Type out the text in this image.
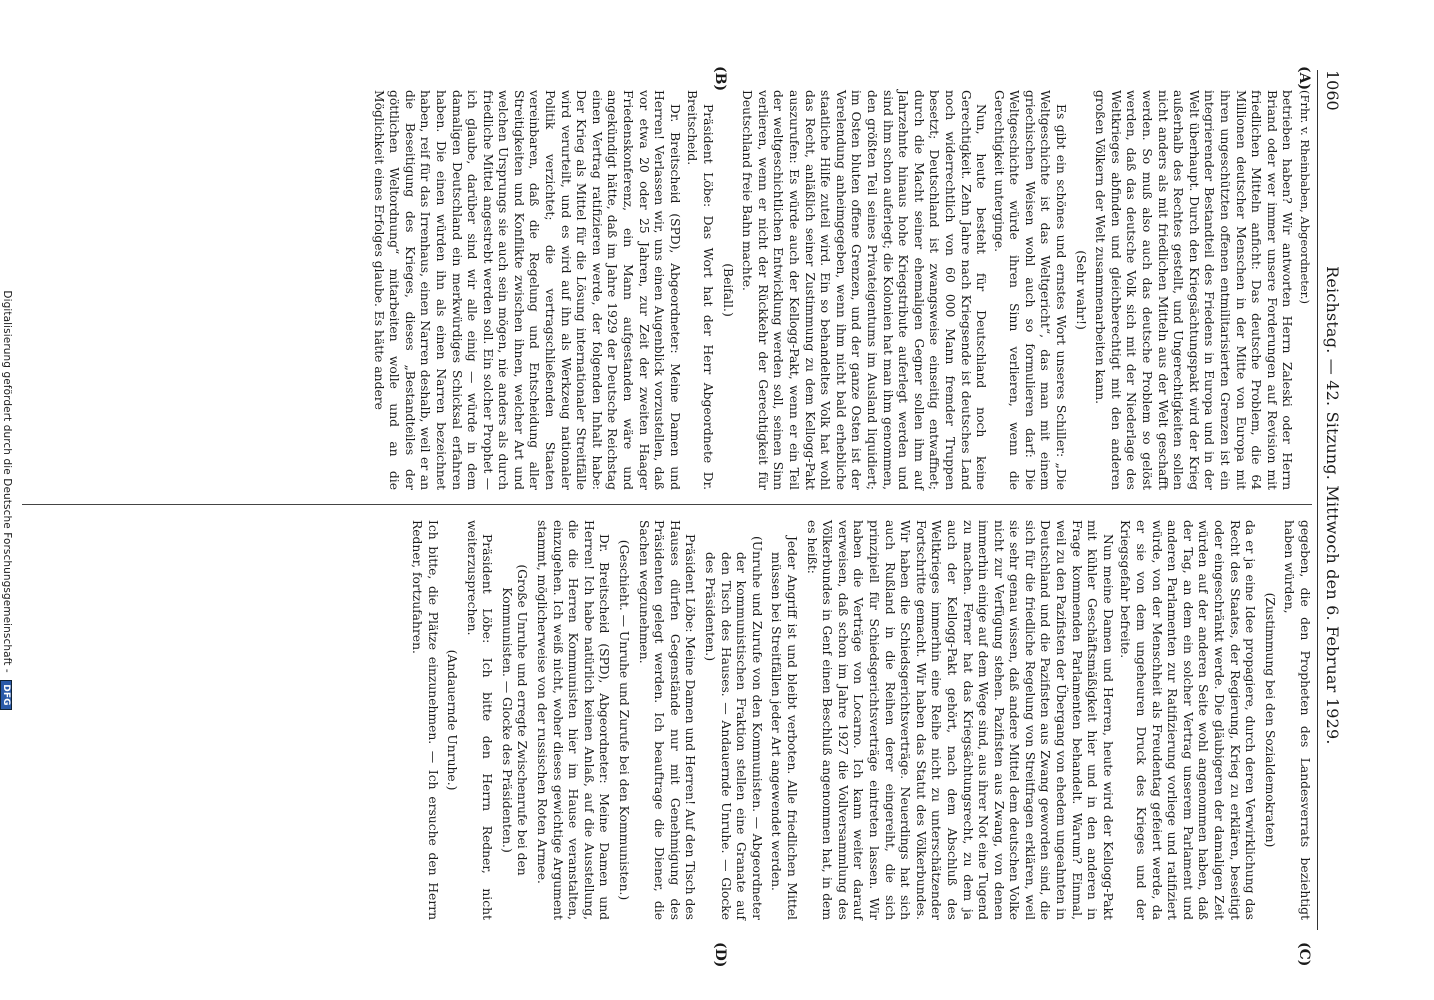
1060
Reichstag. — 42. Sitzung. Mittwoch den 6. Februar 1929.
(A)
(B)
(C)
(D)

(Frhr. v. Rheinbaben, Abgeordneter.)

betrieben haben? Wir antworten Herrn Zaleski oder Herrn Briand oder wer immer unsere Forderungen auf Revision mit friedlichen Mitteln anficht: Das deutsche Problem, die 64 Millionen deutscher Menschen in der Mitte von Europa mit ihren ungeschützten offenen entmilitarisierten Grenzen ist ein integrierender Bestandteil des Friedens in Europa und in der Welt überhaupt. Durch den Kriegsächtungspakt wird der Krieg außerhalb des Rechtes gestellt, und Ungerechtigkeiten sollen nicht anders als mit friedlichen Mitteln aus der Welt geschafft werden. So muß also auch das deutsche Problem so gelöst werden, daß das deutsche Volk sich mit der Niederlage des Weltkrieges abfinden und gleichberechtigt mit den anderen großen Völkern der Welt zusammenarbeiten kann.

(Sehr wahr!)

Es gibt ein schönes und ernstes Wort unseres Schiller: „Die Weltgeschichte ist das Weltgericht“, das man mit einem griechischen Weisen wohl auch so formulieren darf: Die Weltgeschichte würde ihren Sinn verlieren, wenn die Gerechtigkeit unterginge.

Nun, heute besteht für Deutschland noch keine Gerechtigkeit. Zehn Jahre nach Kriegsende ist deutsches Land noch widerrechtlich von 60 000 Mann fremder Truppen besetzt; Deutschland ist zwangsweise einseitig entwaffnet; durch die Macht seiner ehemaligen Gegner sollen ihm auf Jahrzehnte hinaus hohe Kriegstribute auferlegt werden und sind ihm schon auferlegt; die Kolonien hat man ihm genommen, den größten Teil seines Privateigentums im Ausland liquidiert; im Osten bluten offene Grenzen, und der ganze Osten ist der Verelendung anheimgegeben, wenn ihm nicht bald erhebliche staatliche Hilfe zuteil wird. Ein so behandeltes Volk hat wohl das Recht, anläßlich seiner Zustimmung zu dem Kellogg-Pakt auszurufen: Es würde auch der Kellogg-Pakt, wenn er ein Teil der weltgeschichtlichen Entwicklung werden soll, seinen Sinn verlieren, wenn er nicht der Rückkehr der Gerechtigkeit für Deutschland freie Bahn machte.

(Beifall.)

Präsident Löbe: Das Wort hat der Herr Abgeordnete Dr. Breitscheid.

Dr. Breitscheid (SPD), Abgeordneter: Meine Damen und Herren! Verlassen wir, uns einen Augenblick vorzustellen, daß vor etwa 20 oder 25 Jahren, zur Zeit der zweiten Haager Friedenskonferenz, ein Mann aufgestanden wäre und angekündigt hätte, daß im Jahre 1929 der Deutsche Reichstag einen Vertrag ratifizieren werde, der folgenden Inhalt habe: Der Krieg als Mittel für die Lösung internationaler Streitfälle wird verurteilt, und es wird auf ihn als Werkzeug nationaler Politik verzichtet; die vertragschließenden Staaten vereinbaren, daß die Regelung und Entscheidung aller Streitigkeiten und Konflikte zwischen ihnen, welcher Art und welchen Ursprungs sie auch sein mögen, nie anders als durch friedliche Mittel angestrebt werden soll. Ein solcher Prophet — ich glaube, darüber sind wir alle einig — würde in dem damaligen Deutschland ein merkwürdiges Schicksal erfahren haben. Die einen würden ihn als einen Narren bezeichnet haben, reif für das Irrenhaus, einen Narren deshalb, weil er an die Beseitigung des Krieges, dieses „Bestandteiles der göttlichen Weltordnung“ mitarbeiten wolle und an die Möglichkeit eines Erfolges glaube. Es hätte andere

gegeben, die den Propheten des Landesverrats beziehtigt haben würden,

(Zustimmung bei den Sozialdemokraten)

da er ja eine Idee propagiere, durch deren Verwirklichung das Recht des Staates, der Regierung, Krieg zu erklären, beseitigt oder eingeschränkt werde. Die gläubigeren der damaligen Zeit würden auf der anderen Seite wohl angenommen haben, daß der Tag, an dem ein solcher Vertrag unserem Parlament und anderen Parlamenten zur Ratifizierung vorliege und ratifiziert würde, von der Menschheit als Freudentag gefeiert werde, da er sie von dem ungeheuren Druck des Krieges und der Kriegsgefahr befreite.

Nun meine Damen und Herren, heute wird der Kellogg-Pakt mit kühler Geschäftsmäßigkeit hier und in den anderen in Frage kommenden Parlamenten behandelt. Warum? Einmal, weil zu den Pazifisten der Übergang von ehedem ungeahnten in Deutschland und die Pazifisten aus Zwang geworden sind, die sich für die friedliche Regelung von Streitfragen erklären, weil sie sehr genau wissen, daß andere Mittel dem deutschen Volke nicht zur Verfügung stehen. Pazifisten aus Zwang, von denen immerhin einige auf dem Wege sind, aus ihrer Not eine Tugend zu machen. Ferner hat das Kriegsächtungsrecht, zu dem ja auch der Kellogg-Pakt gehört, nach dem Abschluß des Weltkrieges immerhin eine Reihe nicht zu unterschätzender Fortschritte gemacht. Wir haben das Statut des Völkerbundes. Wir haben die Schiedsgerichtsverträge. Neuerdings hat sich auch Rußland in die Reihen derer eingereiht, die sich prinzipiell für Schiedsgerichtsverträge eintreten lassen. Wir haben die Verträge von Locarno. Ich kann weiter darauf verweisen, daß schon im Jahre 1927 die Vollversammlung des Völkerbundes in Genf einen Beschluß angenommen hat, in dem es heißt:

Jeder Angriff ist und bleibt verboten. Alle friedlichen Mittel müssen bei Streitfällen jeder Art angewendet werden.

(Unruhe und Zurufe von den Kommunisten. — Abgeordneter der kommunistischen Fraktion stellen eine Granate auf den Tisch des Hauses. — Andauernde Unruhe. — Glocke des Präsidenten.)

Präsident Löbe: Meine Damen und Herren! Auf den Tisch des Hauses dürfen Gegenstände nur mit Genehmigung des Präsidenten gelegt werden. Ich beauftrage die Diener, die Sachen wegzunehmen.

(Geschieht. — Unruhe und Zurufe bei den Kommunisten.)

Dr. Breitscheid (SPD), Abgeordneter: Meine Damen und Herren! Ich habe natürlich keinen Anlaß, auf die Ausstellung, die die Herren Kommunisten hier im Hause veranstalten, einzugehen. Ich weiß nicht, woher dieses gewichtige Argument stammt, möglicherweise von der russischen Roten Armee.

(Große Unruhe und erregte Zwischenrufe bei den Kommunisten. — Glocke des Präsidenten.)

Präsident Löbe: Ich bitte den Herrn Redner, nicht weiterzusprechen.

(Andauernde Unruhe.)

Ich bitte, die Plätze einzunehmen. — Ich ersuche den Herrn Redner, fortzufahren.

Digitalisierung gefördert durch die Deutsche Forschungsgemeinschaft - DFG
